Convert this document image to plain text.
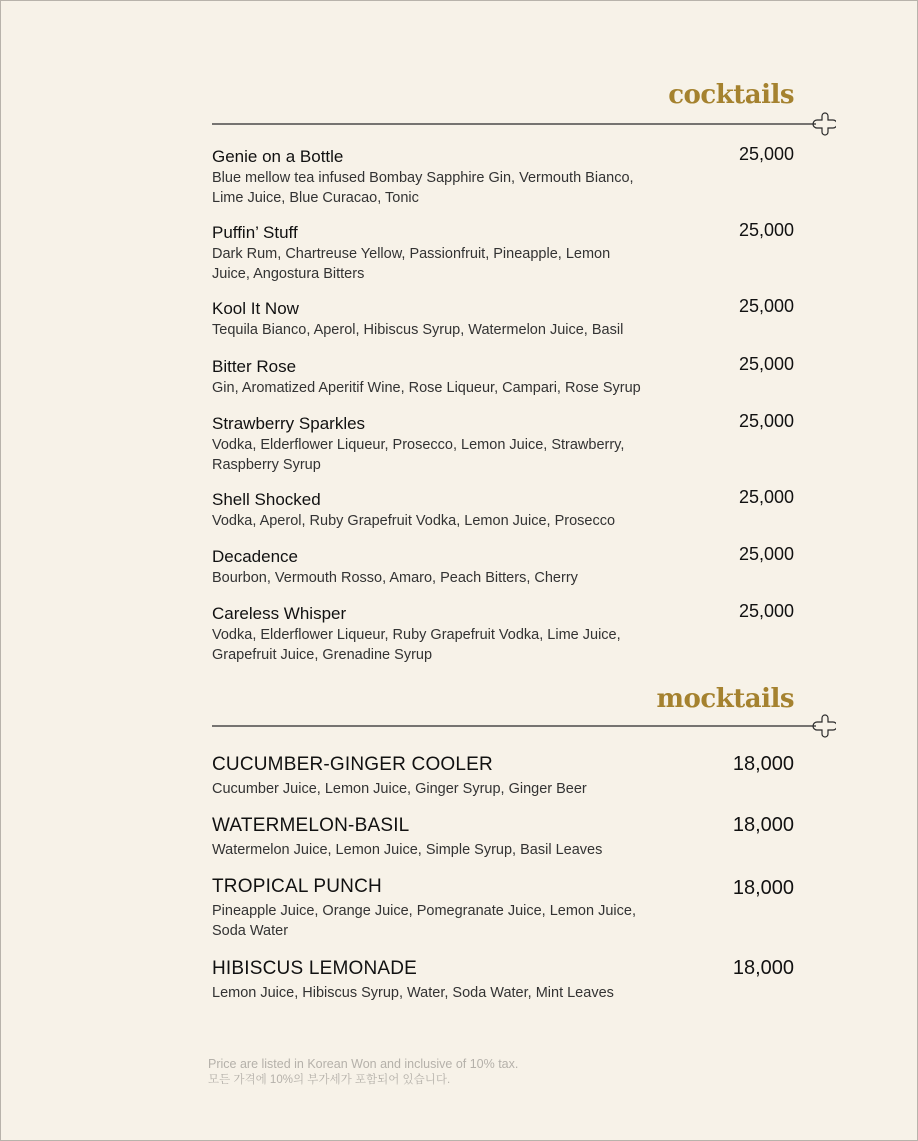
cocktails
Genie on a Bottle
Blue mellow tea infused Bombay Sapphire Gin, Vermouth Bianco, Lime Juice, Blue Curacao, Tonic
25,000
Puffin’ Stuff
Dark Rum, Chartreuse Yellow, Passionfruit, Pineapple, Lemon Juice, Angostura Bitters
25,000
Kool It Now
Tequila Bianco, Aperol, Hibiscus Syrup, Watermelon Juice, Basil
25,000
Bitter Rose
Gin, Aromatized Aperitif Wine, Rose Liqueur, Campari, Rose Syrup
25,000
Strawberry Sparkles
Vodka, Elderflower Liqueur, Prosecco, Lemon Juice, Strawberry, Raspberry Syrup
25,000
Shell Shocked
Vodka, Aperol, Ruby Grapefruit Vodka, Lemon Juice, Prosecco
25,000
Decadence
Bourbon, Vermouth Rosso, Amaro, Peach Bitters, Cherry
25,000
Careless Whisper
Vodka, Elderflower Liqueur, Ruby Grapefruit Vodka, Lime Juice, Grapefruit Juice, Grenadine Syrup
25,000
mocktails
CUCUMBER-GINGER COOLER
Cucumber Juice, Lemon Juice, Ginger Syrup, Ginger Beer
18,000
WATERMELON-BASIL
Watermelon Juice, Lemon Juice, Simple Syrup, Basil Leaves
18,000
TROPICAL PUNCH
Pineapple Juice, Orange Juice, Pomegranate Juice, Lemon Juice, Soda Water
18,000
HIBISCUS LEMONADE
Lemon Juice, Hibiscus Syrup, Water, Soda Water, Mint Leaves
18,000
Price are listed in Korean Won and inclusive of 10% tax.
모든 가격에 10%의 부가세가 포함되어 있습니다.
